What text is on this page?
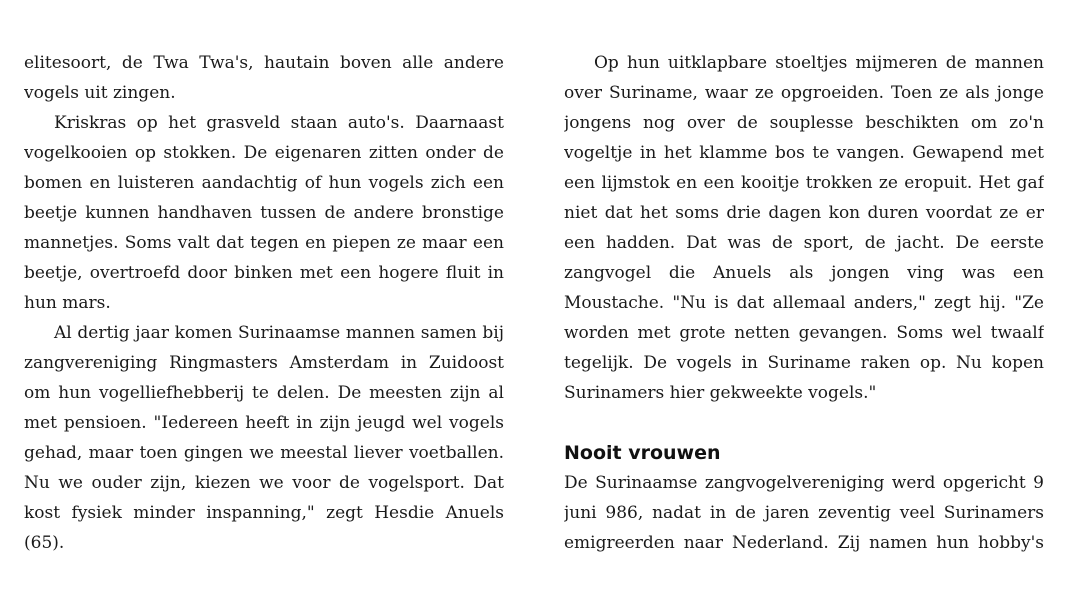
elitesoort, de Twa Twa's, hautain boven alle andere
vogels uit zingen.
Kriskras op het grasveld staan auto's. Daarnaast
vogelkooien op stokken. De eigenaren zitten onder de
bomen en luisteren aandachtig of hun vogels zich een
beetje kunnen handhaven tussen de andere bronstige
mannetjes. Soms valt dat tegen en piepen ze maar een
beetje, overtroefd door binken met een hogere fluit in
hun mars.
Al dertig jaar komen Surinaamse mannen samen bij
zangvereniging Ringmasters Amsterdam in Zuidoost
om hun vogelliefhebberij te delen. De meesten zijn al
met pensioen. "Iedereen heeft in zijn jeugd wel vogels
gehad, maar toen gingen we meestal liever voetballen.
Nu we ouder zijn, kiezen we voor de vogelsport. Dat
kost fysiek minder inspanning," zegt Hesdie Anuels
(65).
Op hun uitklapbare stoeltjes mijmeren de mannen
over Suriname, waar ze opgroeiden. Toen ze als jonge
jongens nog over de souplesse beschikten om zo'n
vogeltje in het klamme bos te vangen. Gewapend met
een lijmstok en een kooitje trokken ze eropuit. Het gaf
niet dat het soms drie dagen kon duren voordat ze er
een hadden. Dat was de sport, de jacht. De eerste
zangvogel die Anuels als jongen ving was een
Moustache. "Nu is dat allemaal anders," zegt hij. "Ze
worden met grote netten gevangen. Soms wel twaalf
tegelijk. De vogels in Suriname raken op. Nu kopen
Surinamers hier gekweekte vogels."
Nooit vrouwen
De Surinaamse zangvogelvereniging werd opgericht 9
juni 986, nadat in de jaren zeventig veel Surinamers
emigreerden naar Nederland. Zij namen hun hobby's
